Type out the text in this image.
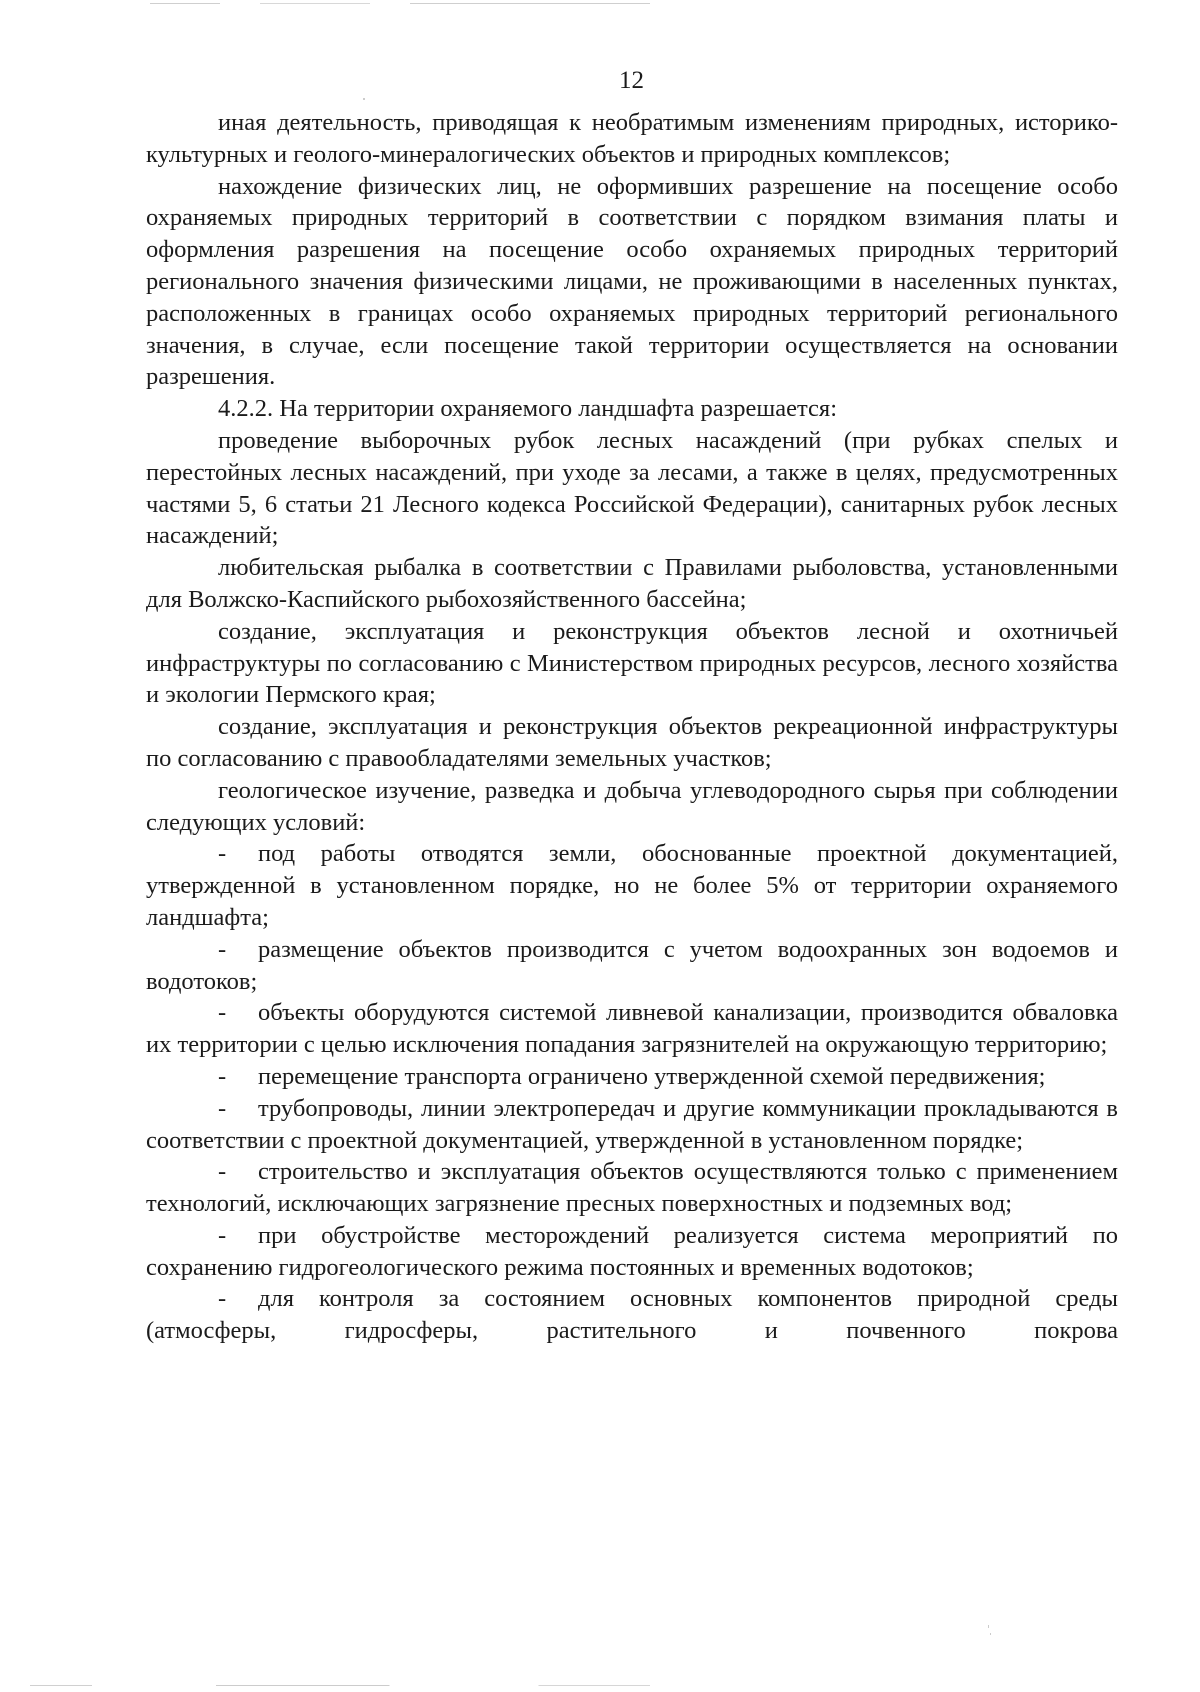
12

иная деятельность, приводящая к необратимым изменениям природных, историко-культурных и геолого-минералогических объектов и природных комплексов;

нахождение физических лиц, не оформивших разрешение на посещение особо охраняемых природных территорий в соответствии с порядком взимания платы и оформления разрешения на посещение особо охраняемых природных территорий регионального значения физическими лицами, не проживающими в населенных пунктах, расположенных в границах особо охраняемых природных территорий регионального значения, в случае, если посещение такой территории осуществляется на основании разрешения.

4.2.2. На территории охраняемого ландшафта разрешается:

проведение выборочных рубок лесных насаждений (при рубках спелых и перестойных лесных насаждений, при уходе за лесами, а также в целях, предусмотренных частями 5, 6 статьи 21 Лесного кодекса Российской Федерации), санитарных рубок лесных насаждений;

любительская рыбалка в соответствии с Правилами рыболовства, установленными для Волжско-Каспийского рыбохозяйственного бассейна;

создание, эксплуатация и реконструкция объектов лесной и охотничьей инфраструктуры по согласованию с Министерством природных ресурсов, лесного хозяйства и экологии Пермского края;

создание, эксплуатация и реконструкция объектов рекреационной инфраструктуры по согласованию с правообладателями земельных участков;

геологическое изучение, разведка и добыча углеводородного сырья при соблюдении следующих условий:

- под работы отводятся земли, обоснованные проектной документацией, утвержденной в установленном порядке, но не более 5% от территории охраняемого ландшафта;

- размещение объектов производится с учетом водоохранных зон водоемов и водотоков;

- объекты оборудуются системой ливневой канализации, производится обваловка их территории с целью исключения попадания загрязнителей на окружающую территорию;

- перемещение транспорта ограничено утвержденной схемой передвижения;

- трубопроводы, линии электропередач и другие коммуникации прокладываются в соответствии с проектной документацией, утвержденной в установленном порядке;

- строительство и эксплуатация объектов осуществляются только с применением технологий, исключающих загрязнение пресных поверхностных и подземных вод;

- при обустройстве месторождений реализуется система мероприятий по сохранению гидрогеологического режима постоянных и временных водотоков;

- для контроля за состоянием основных компонентов природной среды (атмосферы, гидросферы, растительного и почвенного покрова
